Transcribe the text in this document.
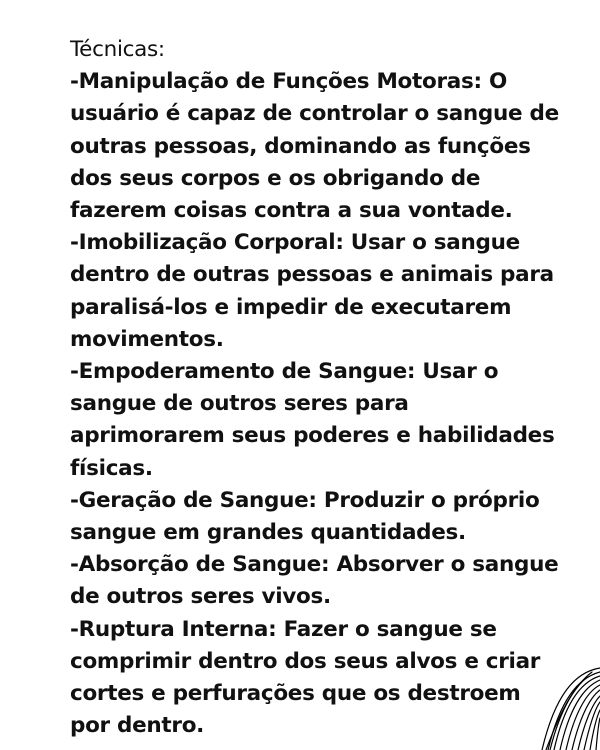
Técnicas:
-Manipulação de Funções Motoras: O
usuário é capaz de controlar o sangue de
outras pessoas, dominando as funções
dos seus corpos e os obrigando de
fazerem coisas contra a sua vontade.
-Imobilização Corporal: Usar o sangue
dentro de outras pessoas e animais para
paralisá-los e impedir de executarem
movimentos.
-Empoderamento de Sangue: Usar o
sangue de outros seres para
aprimorarem seus poderes e habilidades
físicas.
-Geração de Sangue: Produzir o próprio
sangue em grandes quantidades.
-Absorção de Sangue: Absorver o sangue
de outros seres vivos.
-Ruptura Interna: Fazer o sangue se
comprimir dentro dos seus alvos e criar
cortes e perfurações que os destroem
por dentro.
